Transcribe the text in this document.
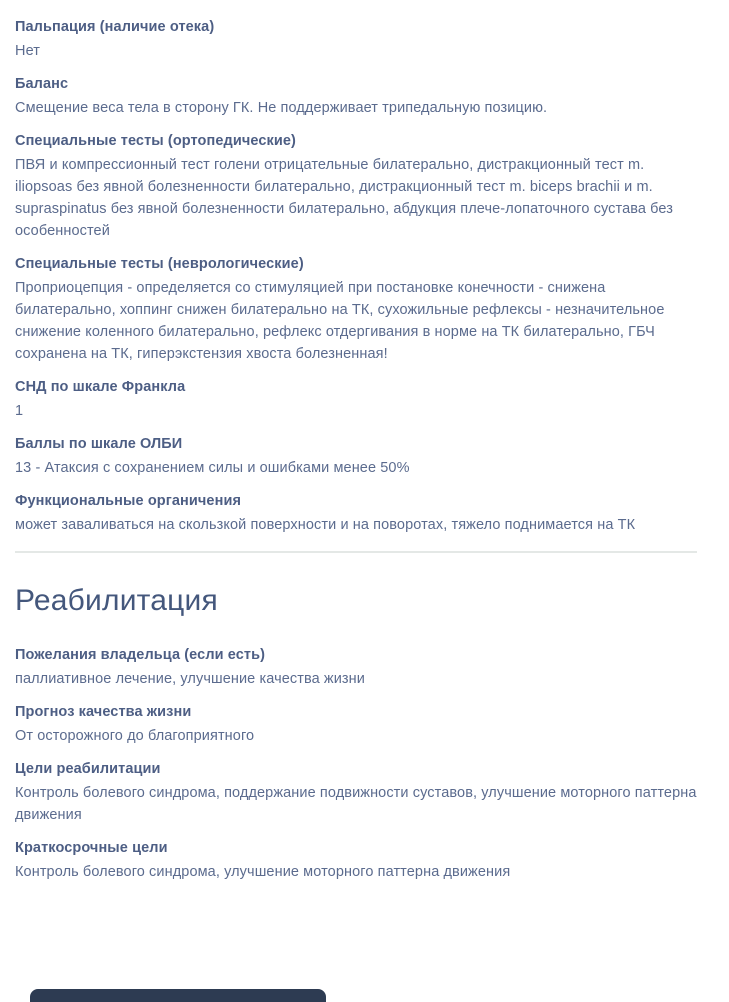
Пальпация (наличие отека)
Нет
Баланс
Смещение веса тела в сторону ГК. Не поддерживает трипедальную позицию.
Специальные тесты (ортопедические)
ПВЯ и компрессионный тест голени отрицательные билатерально, дистракционный тест m. iliopsoas без явной болезненности билатерально, дистракционный тест m. biceps brachii и m. supraspinatus без явной болезненности билатерально, абдукция плече-лопаточного сустава без особенностей
Специальные тесты (неврологические)
Проприоцепция - определяется со стимуляцией при постановке конечности - снижена билатерально, хоппинг снижен билатерально на ТК, сухожильные рефлексы - незначительное снижение коленного билатерально, рефлекс отдергивания в норме на ТК билатерально, ГБЧ сохранена на ТК, гиперэкстензия хвоста болезненная!
СНД по шкале Франкла
1
Баллы по шкале ОЛБИ
13 - Атаксия с сохранением силы и ошибками менее 50%
Функциональные органичения
может заваливаться на скользкой поверхности и на поворотах, тяжело поднимается на ТК
Реабилитация
Пожелания владельца (если есть)
паллиативное лечение, улучшение качества жизни
Прогноз качества жизни
От осторожного до благоприятного
Цели реабилитации
Контроль болевого синдрома, поддержание подвижности суставов, улучшение моторного паттерна движения
Краткосрочные цели
Контроль болевого синдрома, улучшение моторного паттерна движения
